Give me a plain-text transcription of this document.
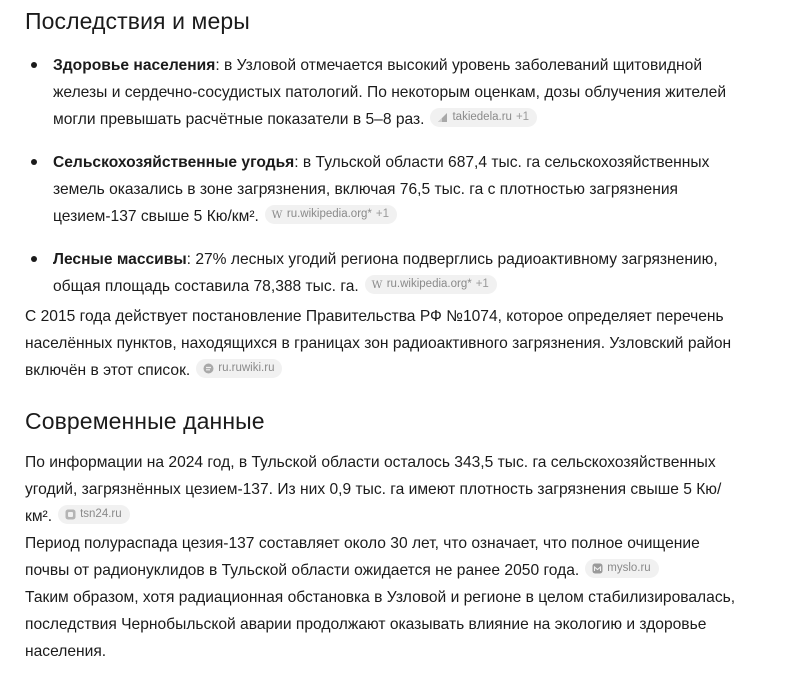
Последствия и меры
Здоровье населения: в Узловой отмечается высокий уровень заболеваний щитовидной железы и сердечно-сосудистых патологий. По некоторым оценкам, дозы облучения жителей могли превышать расчётные показатели в 5–8 раз. takiedela.ru +1
Сельскохозяйственные угодья: в Тульской области 687,4 тыс. га сельскохозяйственных земель оказались в зоне загрязнения, включая 76,5 тыс. га с плотностью загрязнения цезием-137 свыше 5 Кю/км². W ru.wikipedia.org* +1
Лесные массивы: 27% лесных угодий региона подверглись радиоактивному загрязнению, общая площадь составила 78,388 тыс. га. W ru.wikipedia.org* +1

С 2015 года действует постановление Правительства РФ №1074, которое определяет перечень населённых пунктов, находящихся в границах зон радиоактивного загрязнения. Узловский район включён в этот список. ru.ruwiki.ru

Современные данные

По информации на 2024 год, в Тульской области осталось 343,5 тыс. га сельскохозяйственных угодий, загрязнённых цезием-137. Из них 0,9 тыс. га имеют плотность загрязнения свыше 5 Кю/км². tsn24.ru

Период полураспада цезия-137 составляет около 30 лет, что означает, что полное очищение почвы от радионуклидов в Тульской области ожидается не ранее 2050 года. myslo.ru

Таким образом, хотя радиационная обстановка в Узловой и регионе в целом стабилизировалась, последствия Чернобыльской аварии продолжают оказывать влияние на экологию и здоровье населения.
